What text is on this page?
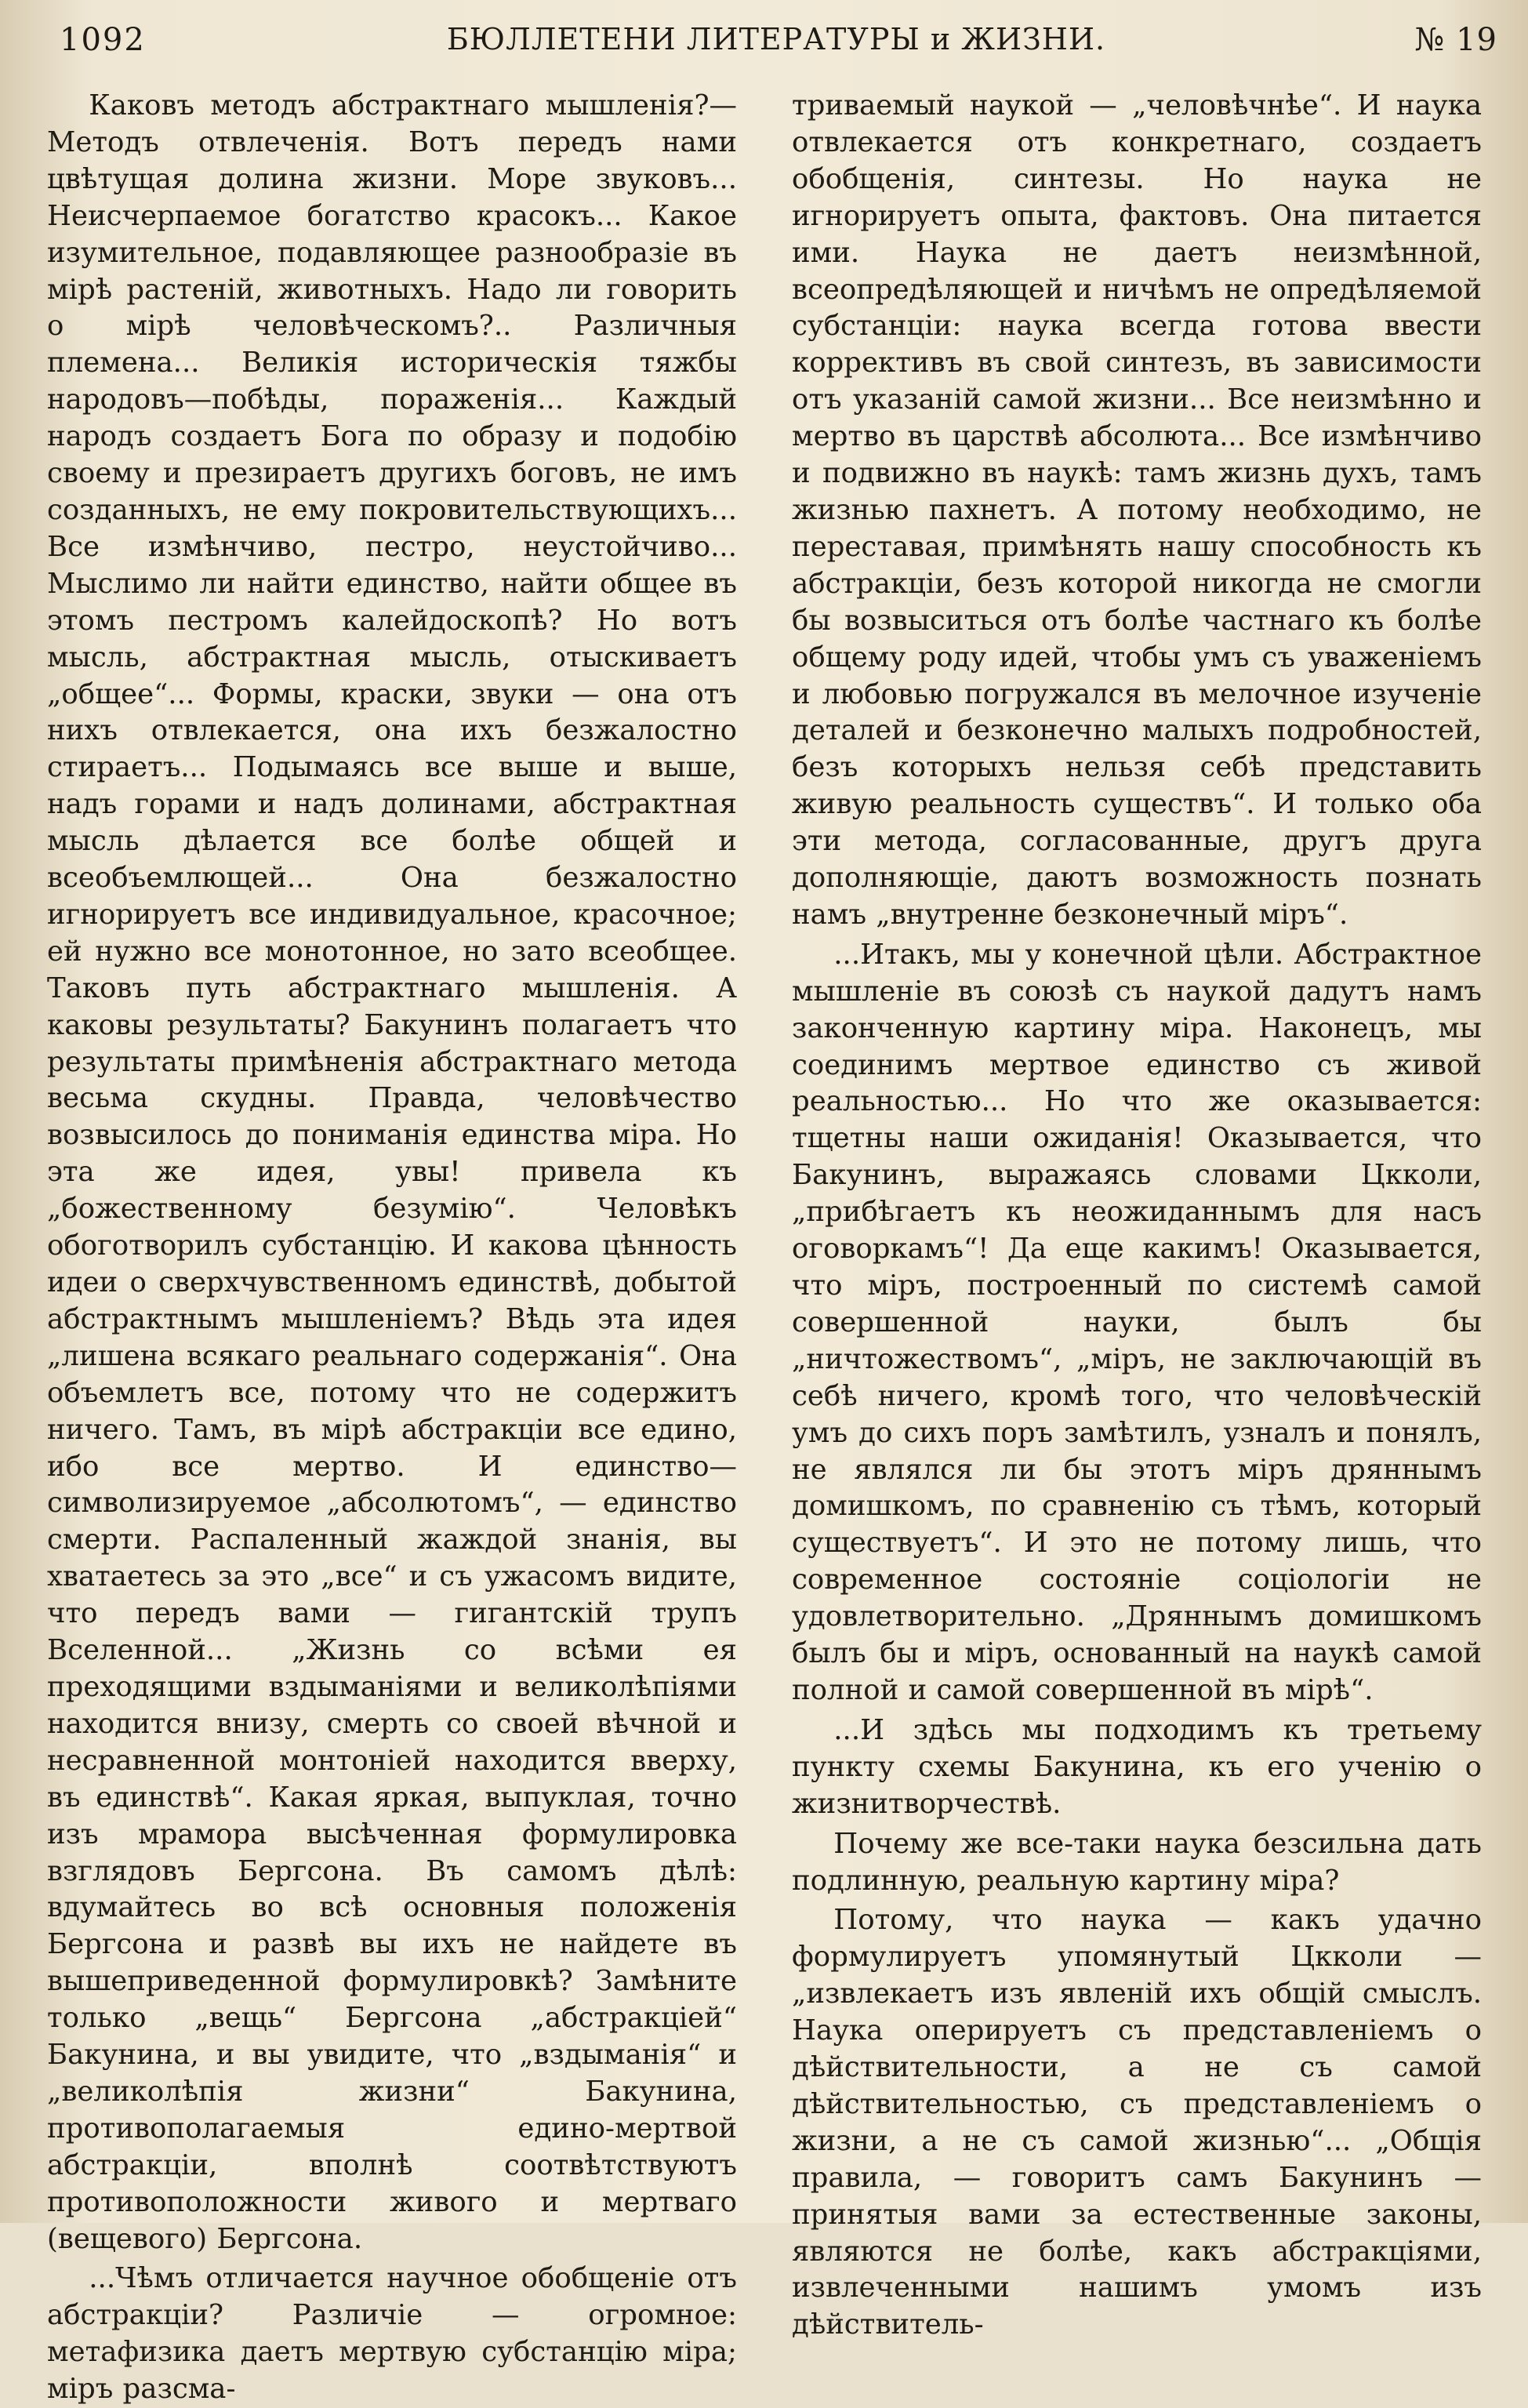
1092	БЮЛЛЕТЕНИ ЛИТЕРАТУРЫ и ЖИЗНИ.	№ 19

Каковъ методъ абстрактнаго мышленія?— Методъ отвлеченія. Вотъ передъ нами цвѣтущая долина жизни. Море звуковъ... Неисчерпаемое богатство красокъ... Какое изумительное, подавляющее разнообразіе въ мірѣ растеній, животныхъ. Надо ли говорить о мірѣ человѣческомъ?.. Различныя племена... Великія историческія тяжбы народовъ—побѣды, пораженія... Каждый народъ создаетъ Бога по образу и подобію своему и презираетъ другихъ боговъ, не имъ созданныхъ, не ему покровительствующихъ... Все измѣнчиво, пестро, неустойчиво... Мыслимо ли найти единство, найти общее въ этомъ пестромъ калейдоскопѣ? Но вотъ мысль, абстрактная мысль, отыскиваетъ „общее“... Формы, краски, звуки — она отъ нихъ отвлекается, она ихъ безжалостно стираетъ... Подымаясь все выше и выше, надъ горами и надъ долинами, абстрактная мысль дѣлается все болѣе общей и всеобъемлющей... Она безжалостно игнорируетъ все индивидуальное, красочное; ей нужно все монотонное, но зато всеобщее. Таковъ путь абстрактнаго мышленія. А каковы результаты? Бакунинъ полагаетъ что результаты примѣненія абстрактнаго метода весьма скудны. Правда, человѣчество возвысилось до пониманія единства міра. Но эта же идея, увы! привела къ „божественному безумію“. Человѣкъ обоготворилъ субстанцію. И какова цѣнность идеи о сверхчувственномъ единствѣ, добытой абстрактнымъ мышленіемъ? Вѣдь эта идея „лишена всякаго реальнаго содержанія“. Она объемлетъ все, потому что не содержитъ ничего. Тамъ, въ мірѣ абстракціи все едино, ибо все мертво. И единство—символизируемое „абсолютомъ“, — единство смерти. Распаленный жаждой знанія, вы хватаетесь за это „все“ и съ ужасомъ видите, что передъ вами — гигантскій трупъ Вселенной... „Жизнь со всѣми ея преходящими вздыманіями и великолѣпіями находится внизу, смерть со своей вѣчной и несравненной монтоніей находится вверху, въ единствѣ“. Какая яркая, выпуклая, точно изъ мрамора высѣченная формулировка взглядовъ Бергсона. Въ самомъ дѣлѣ: вдумайтесь во всѣ основныя положенія Бергсона и развѣ вы ихъ не найдете въ вышеприведенной формулировкѣ? Замѣните только „вещь“ Бергсона „абстракціей“ Бакунина, и вы увидите, что „вздыманія“ и „великолѣпія жизни“ Бакунина, противополагаемыя едино-мертвой абстракціи, вполнѣ соотвѣтствуютъ противоположности живого и мертваго (вещевого) Бергсона.

...Чѣмъ отличается научное обобщеніе отъ абстракціи? Различіе — огромное: метафизика даетъ мертвую субстанцію міра; міръ разсма-

триваемый наукой — „человѣчнѣе“. И наука отвлекается отъ конкретнаго, создаетъ обобщенія, синтезы. Но наука не игнорируетъ опыта, фактовъ. Она питается ими. Наука не даетъ неизмѣнной, всеопредѣляющей и ничѣмъ не опредѣляемой субстанціи: наука всегда готова ввести коррективъ въ свой синтезъ, въ зависимости отъ указаній самой жизни... Все неизмѣнно и мертво въ царствѣ абсолюта... Все измѣнчиво и подвижно въ наукѣ: тамъ жизнь духъ, тамъ жизнью пахнетъ. А потому необходимо, не переставая, примѣнять нашу способность къ абстракціи, безъ которой никогда не смогли бы возвыситься отъ болѣе частнаго къ болѣе общему роду идей, чтобы умъ съ уваженіемъ и любовью погружался въ мелочное изученіе деталей и безконечно малыхъ подробностей, безъ которыхъ нельзя себѣ представить живую реальность существъ“. И только оба эти метода, согласованные, другъ друга дополняющіе, даютъ возможность познать намъ „внутренне безконечный міръ“.

...Итакъ, мы у конечной цѣли. Абстрактное мышленіе въ союзѣ съ наукой дадутъ намъ законченную картину міра. Наконецъ, мы соединимъ мертвое единство съ живой реальностью... Но что же оказывается: тщетны наши ожиданія! Оказывается, что Бакунинъ, выражаясь словами Цкколи, „прибѣгаетъ къ неожиданнымъ для насъ оговоркамъ“! Да еще какимъ! Оказывается, что міръ, построенный по системѣ самой совершенной науки, былъ бы „ничтожествомъ“, „міръ, не заключающій въ себѣ ничего, кромѣ того, что человѣческій умъ до сихъ поръ замѣтилъ, узналъ и понялъ, не являлся ли бы этотъ міръ дряннымъ домишкомъ, по сравненію съ тѣмъ, который существуетъ“. И это не потому лишь, что современное состояніе соціологіи не удовлетворительно. „Дряннымъ домишкомъ былъ бы и міръ, основанный на наукѣ самой полной и самой совершенной въ мірѣ“.

...И здѣсь мы подходимъ къ третьему пункту схемы Бакунина, къ его ученію о жизнитворчествѣ.

Почему же все-таки наука безсильна дать подлинную, реальную картину міра?

Потому, что наука — какъ удачно формулируетъ упомянутый Цкколи — „извлекаетъ изъ явленій ихъ общій смыслъ. Наука оперируетъ съ представленіемъ о дѣйствительности, а не съ самой дѣйствительностью, съ представленіемъ о жизни, а не съ самой жизнью“... „Общія правила, — говоритъ самъ Бакунинъ — принятыя вами за естественные законы, являются не болѣе, какъ абстракціями, извлеченными нашимъ умомъ изъ дѣйствитель-
